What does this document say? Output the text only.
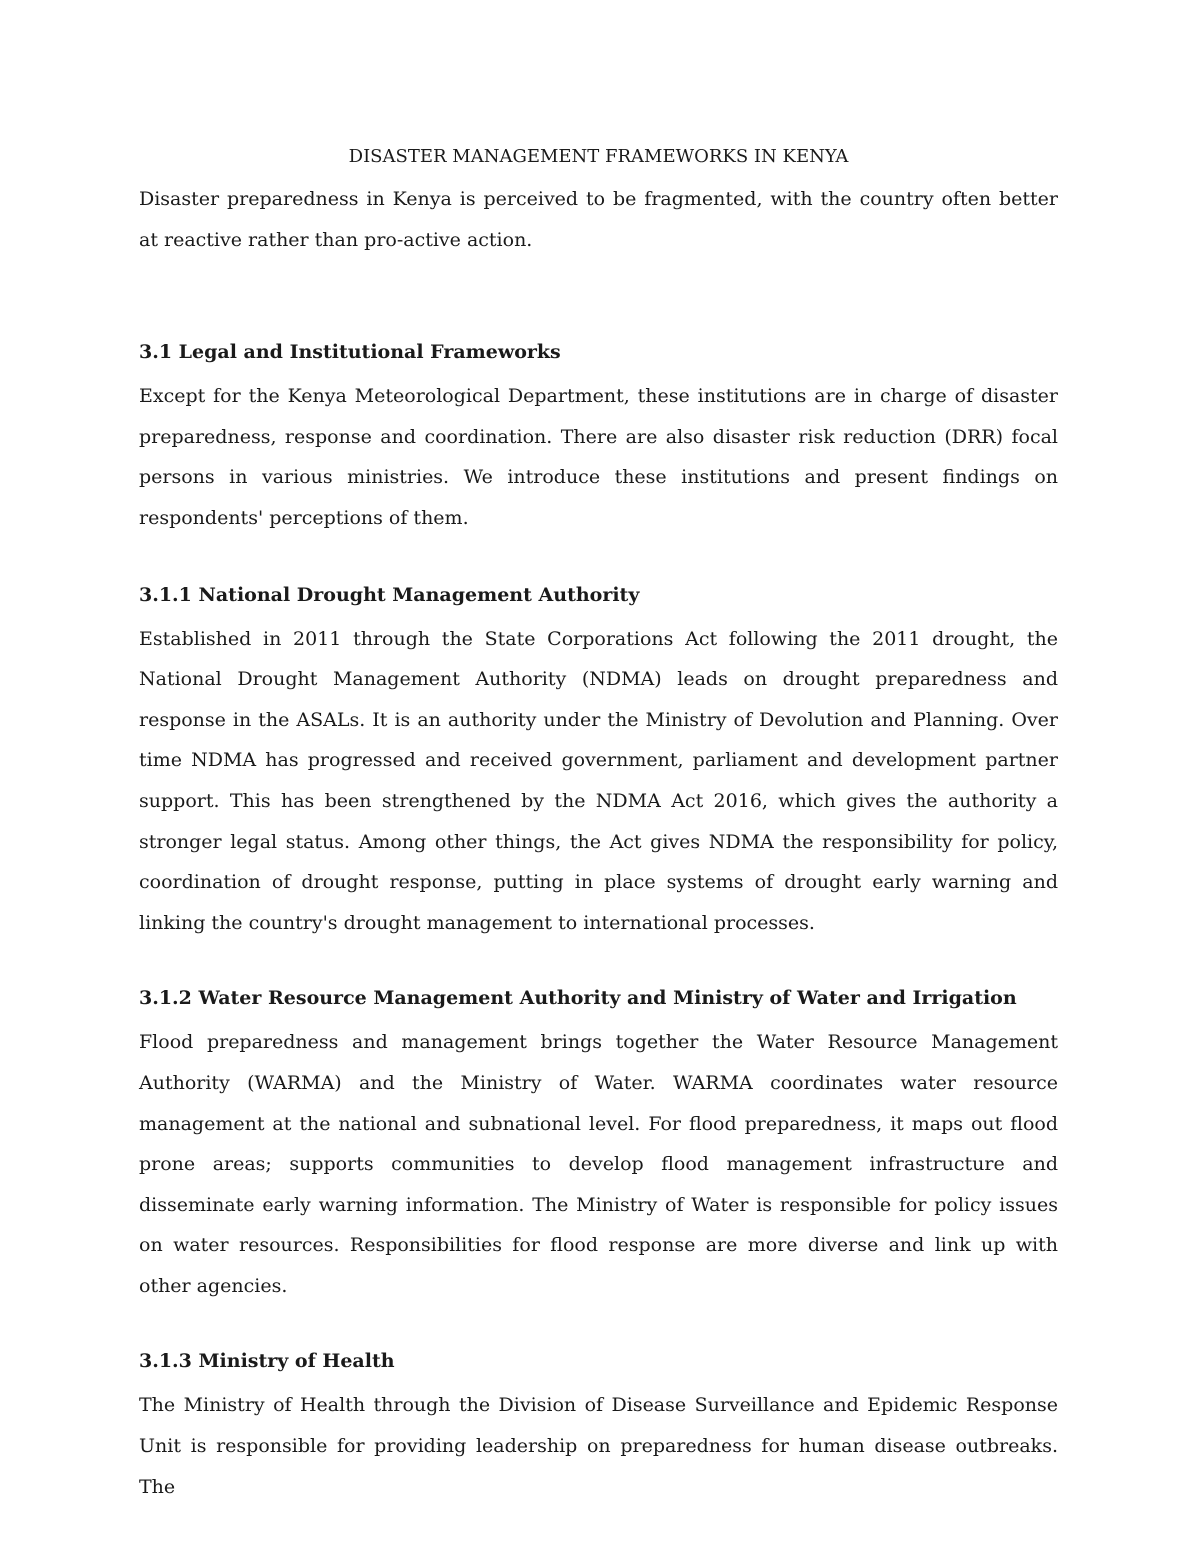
DISASTER MANAGEMENT FRAMEWORKS IN KENYA

Disaster preparedness in Kenya is perceived to be fragmented, with the country often better at reactive rather than pro-active action.

3.1 Legal and Institutional Frameworks

Except for the Kenya Meteorological Department, these institutions are in charge of disaster preparedness, response and coordination. There are also disaster risk reduction (DRR) focal persons in various ministries. We introduce these institutions and present findings on respondents' perceptions of them.

3.1.1 National Drought Management Authority

Established in 2011 through the State Corporations Act following the 2011 drought, the National Drought Management Authority (NDMA) leads on drought preparedness and response in the ASALs. It is an authority under the Ministry of Devolution and Planning. Over time NDMA has progressed and received government, parliament and development partner support. This has been strengthened by the NDMA Act 2016, which gives the authority a stronger legal status. Among other things, the Act gives NDMA the responsibility for policy, coordination of drought response, putting in place systems of drought early warning and linking the country's drought management to international processes.

3.1.2 Water Resource Management Authority and Ministry of Water and Irrigation

Flood preparedness and management brings together the Water Resource Management Authority (WARMA) and the Ministry of Water. WARMA coordinates water resource management at the national and subnational level. For flood preparedness, it maps out flood prone areas; supports communities to develop flood management infrastructure and disseminate early warning information. The Ministry of Water is responsible for policy issues on water resources. Responsibilities for flood response are more diverse and link up with other agencies.

3.1.3 Ministry of Health

The Ministry of Health through the Division of Disease Surveillance and Epidemic Response Unit is responsible for providing leadership on preparedness for human disease outbreaks. The
